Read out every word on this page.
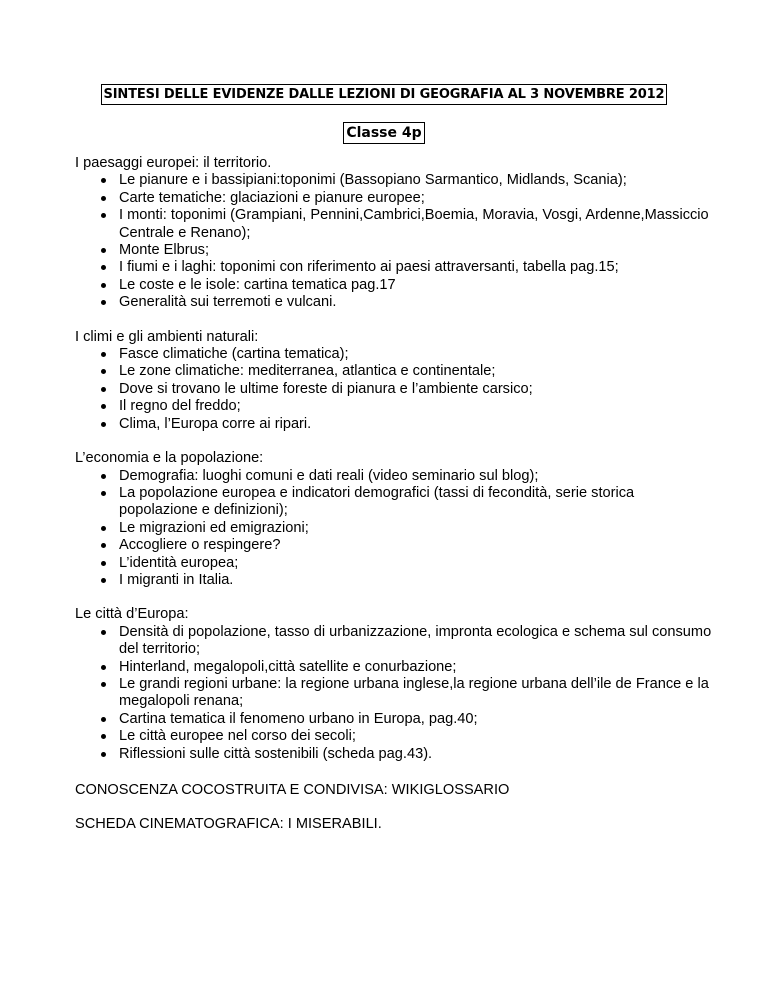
SINTESI DELLE EVIDENZE DALLE LEZIONI DI GEOGRAFIA AL 3 NOVEMBRE 2012
Classe 4p

I paesaggi europei: il territorio.

Le pianure e i bassipiani:toponimi (Bassopiano Sarmantico, Midlands, Scania);
Carte tematiche: glaciazioni e pianure europee;
I monti: toponimi (Grampiani, Pennini,Cambrici,Boemia, Moravia, Vosgi, Ardenne,Massiccio Centrale e Renano);
Monte Elbrus;
I fiumi e i laghi: toponimi con riferimento ai paesi attraversanti, tabella pag.15;
Le coste e le isole: cartina tematica pag.17
Generalità sui terremoti e vulcani.

I climi e gli ambienti naturali:

Fasce climatiche (cartina tematica);
Le zone climatiche: mediterranea, atlantica e continentale;
Dove si trovano le ultime foreste di pianura e l’ambiente carsico;
Il regno del freddo;
Clima, l’Europa corre ai ripari.

L’economia e la popolazione:

Demografia: luoghi comuni e dati reali (video seminario sul blog);
La popolazione europea e indicatori demografici (tassi di fecondità, serie storica popolazione e definizioni);
Le migrazioni ed emigrazioni;
Accogliere o respingere?
L’identità europea;
I migranti in Italia.

Le città d’Europa:

Densità di popolazione, tasso di urbanizzazione, impronta ecologica e schema sul consumo del territorio;
Hinterland, megalopoli,città satellite e conurbazione;
Le grandi regioni urbane: la regione urbana inglese,la regione urbana dell’ile de France e la megalopoli renana;
Cartina tematica il fenomeno urbano in Europa, pag.40;
Le città europee nel corso dei secoli;
Riflessioni sulle città sostenibili (scheda pag.43).

CONOSCENZA COCOSTRUITA E CONDIVISA: WIKIGLOSSARIO

SCHEDA CINEMATOGRAFICA: I MISERABILI.
